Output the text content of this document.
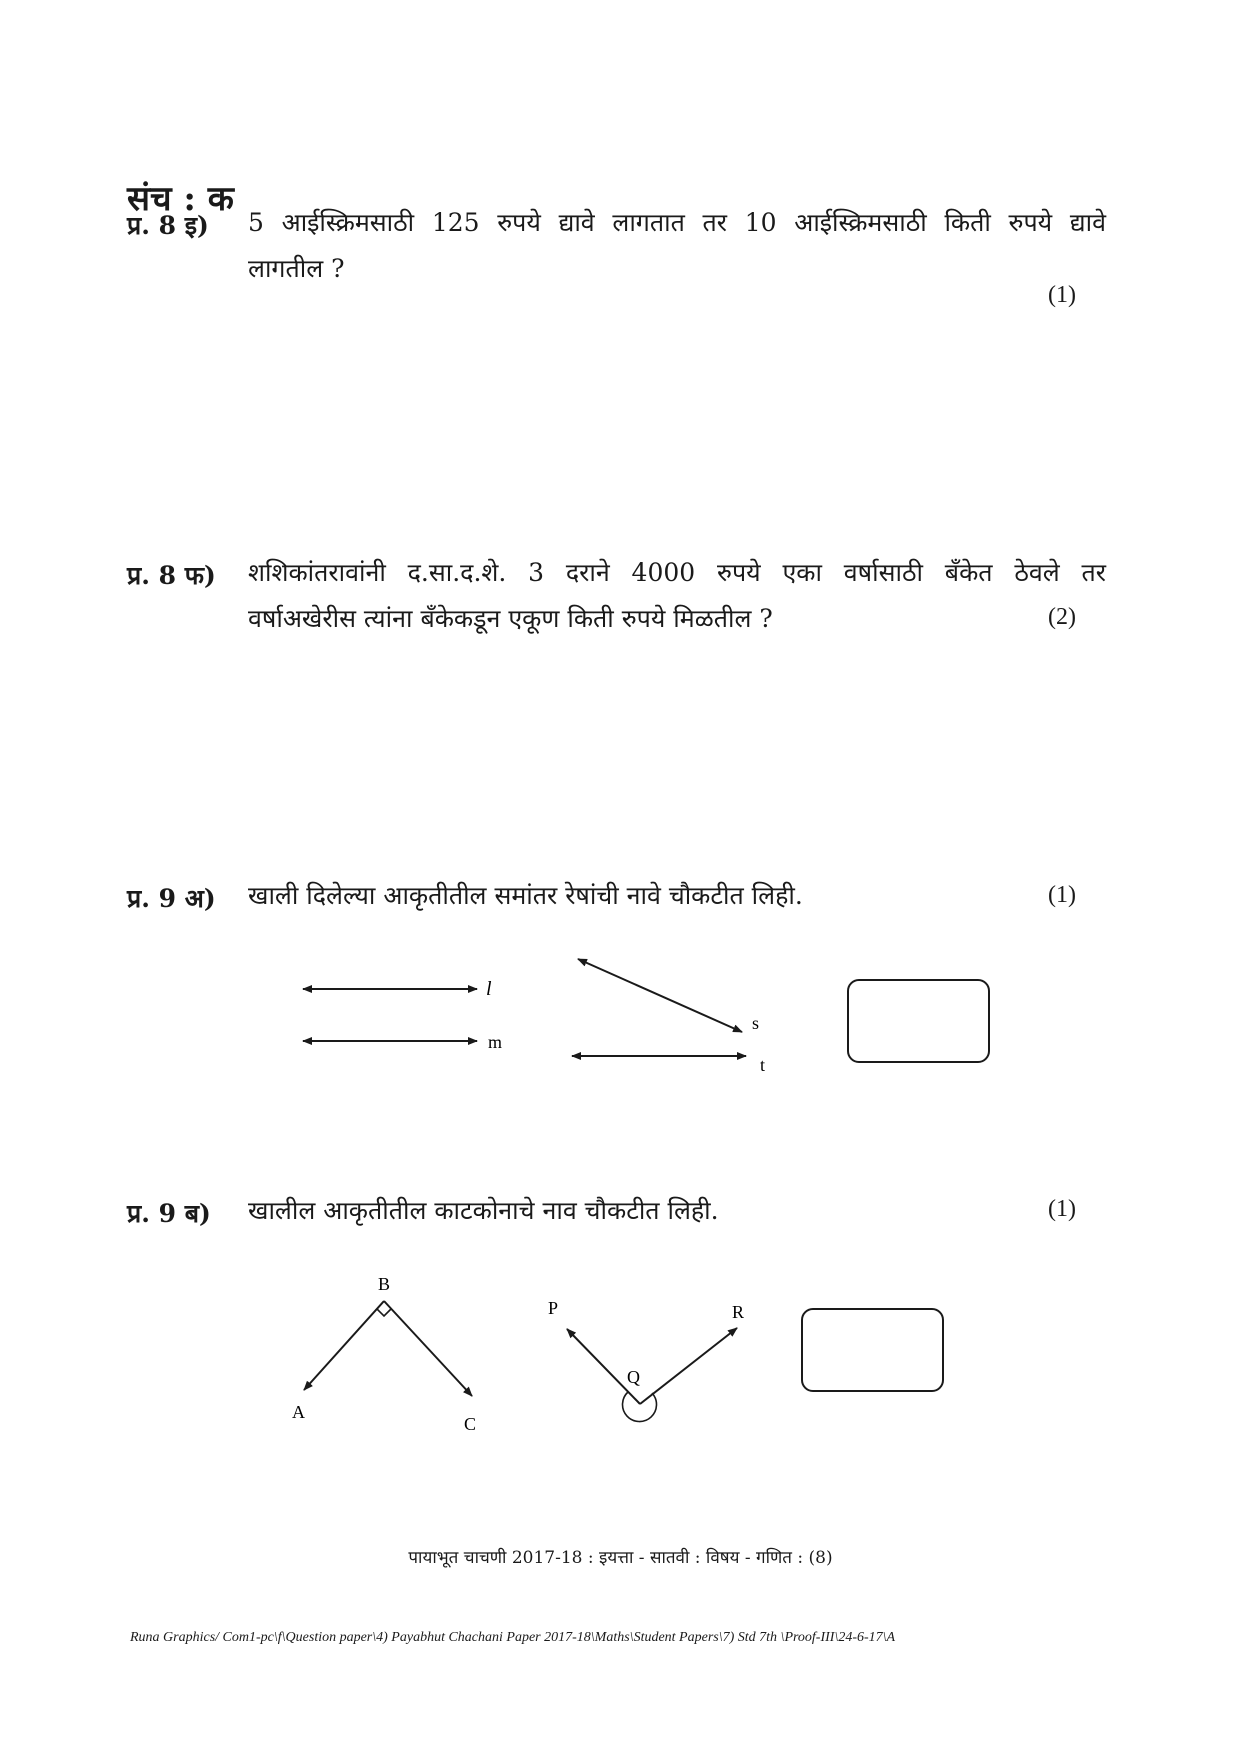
संच : क
प्र. 8 इ) 5 आईस्क्रिमसाठी 125 रुपये द्यावे लागतात तर 10 आईस्क्रिमसाठी किती रुपये द्यावे
लागतील ?
(1)
प्र. 8 फ) शशिकांतरावांनी द.सा.द.शे. 3 दराने 4000 रुपये एका वर्षासाठी बँकेत ठेवले तर
वर्षाअखेरीस त्यांना बँकेकडून एकूण किती रुपये मिळतील ?	(2)
प्र. 9 अ) खाली दिलेल्या आकृतीतील समांतर रेषांची नावे चौकटीत लिही.	(1)
l
m
s
t
प्र. 9 ब) खालील आकृतीतील काटकोनाचे नाव चौकटीत लिही.	(1)
B
A
C
P
Q
R
पायाभूत चाचणी 2017-18 : इयत्ता - सातवी : विषय - गणित : (8)
Runa Graphics/ Com1-pc\f\Question paper\4) Payabhut Chachani Paper 2017-18\Maths\Student Papers\7) Std 7th \Proof-III\24-6-17\A
